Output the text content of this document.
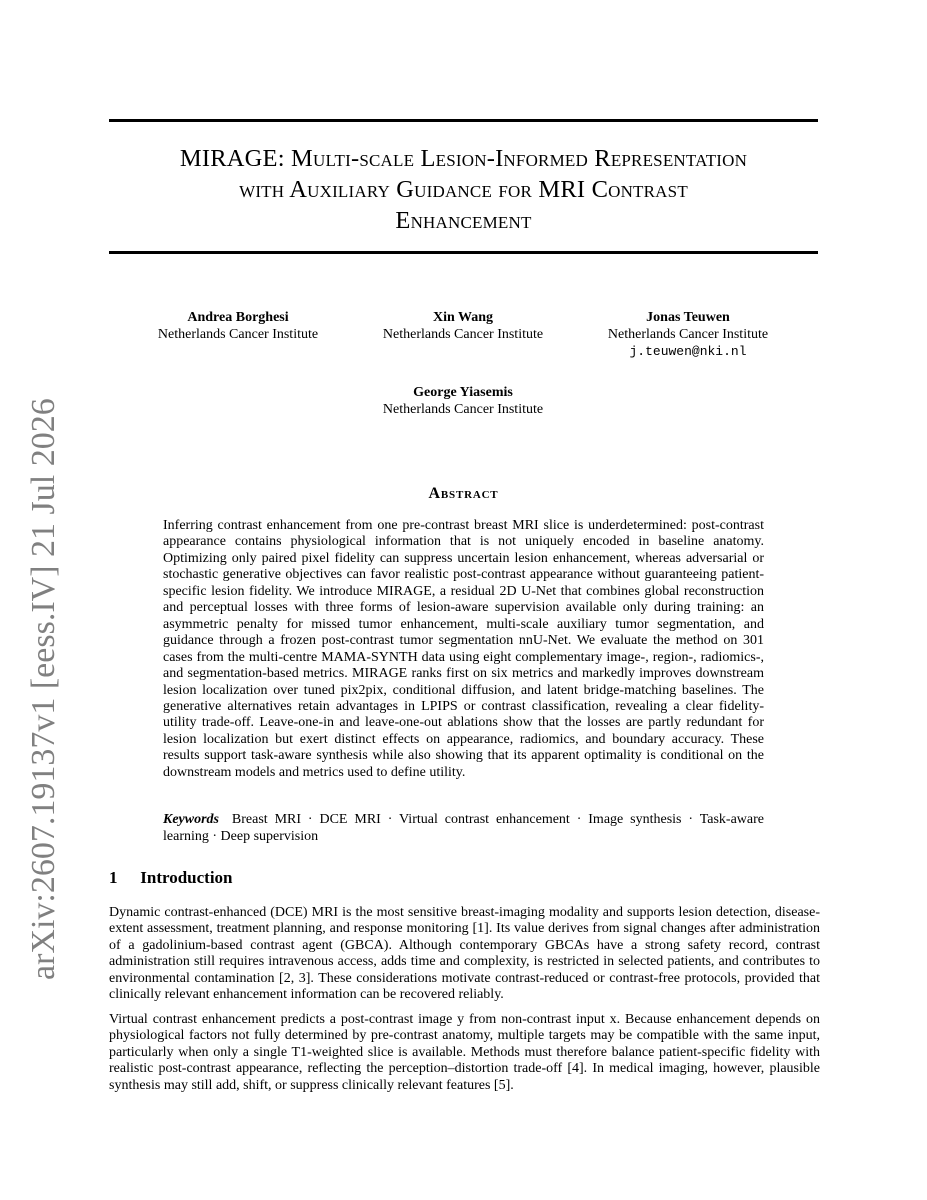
arXiv:2607.19137v1 [eess.IV] 21 Jul 2026
MIRAGE: Multi-scale Lesion-Informed Representation
with Auxiliary Guidance for MRI Contrast
Enhancement
Andrea Borghesi
Netherlands Cancer Institute
Xin Wang
Netherlands Cancer Institute
Jonas Teuwen
Netherlands Cancer Institute
j.teuwen@nki.nl
George Yiasemis
Netherlands Cancer Institute
Abstract
Inferring contrast enhancement from one pre-contrast breast MRI slice is underdetermined: post-contrast appearance contains physiological information that is not uniquely encoded in baseline anatomy. Optimizing only paired pixel fidelity can suppress uncertain lesion enhancement, whereas adversarial or stochastic generative objectives can favor realistic post-contrast appearance without guaranteeing patient-specific lesion fidelity. We introduce MIRAGE, a residual 2D U-Net that combines global reconstruction and perceptual losses with three forms of lesion-aware supervision available only during training: an asymmetric penalty for missed tumor enhancement, multi-scale auxiliary tumor segmentation, and guidance through a frozen post-contrast tumor segmentation nnU-Net. We evaluate the method on 301 cases from the multi-centre MAMA-SYNTH data using eight complementary image-, region-, radiomics-, and segmentation-based metrics. MIRAGE ranks first on six metrics and markedly improves downstream lesion localization over tuned pix2pix, conditional diffusion, and latent bridge-matching baselines. The generative alternatives retain advantages in LPIPS or contrast classification, revealing a clear fidelity-utility trade-off. Leave-one-in and leave-one-out ablations show that the losses are partly redundant for lesion localization but exert distinct effects on appearance, radiomics, and boundary accuracy. These results support task-aware synthesis while also showing that its apparent optimality is conditional on the downstream models and metrics used to define utility.
Keywords Breast MRI · DCE MRI · Virtual contrast enhancement · Image synthesis · Task-aware learning · Deep supervision
1 Introduction

Dynamic contrast-enhanced (DCE) MRI is the most sensitive breast-imaging modality and supports lesion detection, disease-extent assessment, treatment planning, and response monitoring [1]. Its value derives from signal changes after administration of a gadolinium-based contrast agent (GBCA). Although contemporary GBCAs have a strong safety record, contrast administration still requires intravenous access, adds time and complexity, is restricted in selected patients, and contributes to environmental contamination [2, 3]. These considerations motivate contrast-reduced or contrast-free protocols, provided that clinically relevant enhancement information can be recovered reliably.

Virtual contrast enhancement predicts a post-contrast image y from non-contrast input x. Because enhancement depends on physiological factors not fully determined by pre-contrast anatomy, multiple targets may be compatible with the same input, particularly when only a single T1-weighted slice is available. Methods must therefore balance patient-specific fidelity with realistic post-contrast appearance, reflecting the perception–distortion trade-off [4]. In medical imaging, however, plausible synthesis may still add, shift, or suppress clinically relevant features [5].
